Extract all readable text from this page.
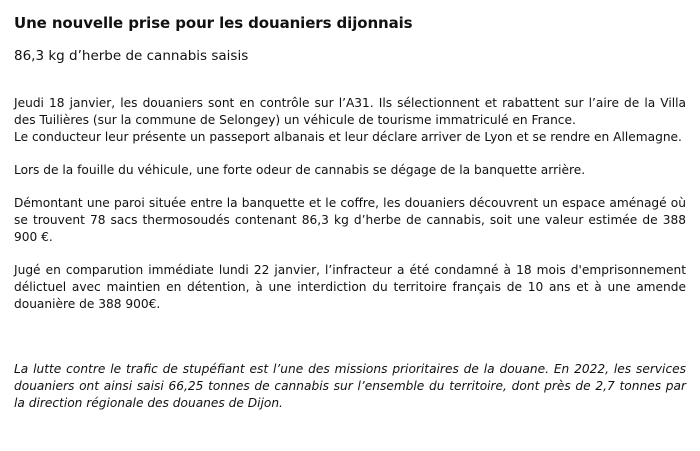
Une nouvelle prise pour les douaniers dijonnais

86,3 kg d’herbe de cannabis saisis

Jeudi 18 janvier, les douaniers sont en contrôle sur l’A31. Ils sélectionnent et rabattent sur l’aire de la Villa des Tuilières (sur la commune de Selongey) un véhicule de tourisme immatriculé en France.

Le conducteur leur présente un passeport albanais et leur déclare arriver de Lyon et se rendre en Allemagne.

Lors de la fouille du véhicule, une forte odeur de cannabis se dégage de la banquette arrière.

Démontant une paroi située entre la banquette et le coffre, les douaniers découvrent un espace aménagé où se trouvent 78 sacs thermosoudés contenant 86,3 kg d’herbe de cannabis, soit une valeur estimée de 388 900 €.

Jugé en comparution immédiate lundi 22 janvier, l’infracteur a été condamné à 18 mois d'emprisonnement délictuel avec maintien en détention, à une interdiction du territoire français de 10 ans et à une amende douanière de 388 900€.

La lutte contre le trafic de stupéfiant est l’une des missions prioritaires de la douane. En 2022, les services douaniers ont ainsi saisi 66,25 tonnes de cannabis sur l’ensemble du territoire, dont près de 2,7 tonnes par la direction régionale des douanes de Dijon.
